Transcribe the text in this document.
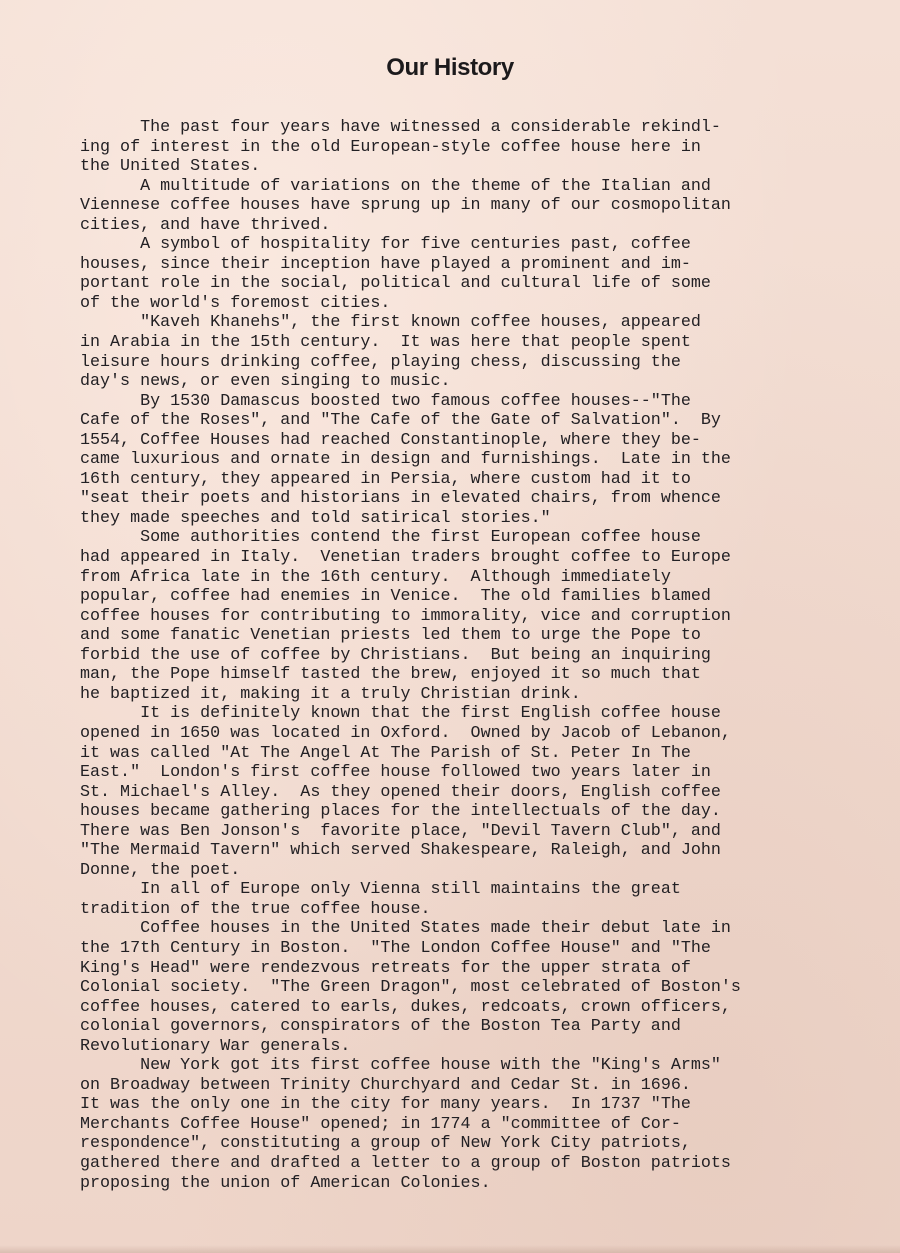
Our History
The past four years have witnessed a considerable rekindl-
ing of interest in the old European-style coffee house here in
the United States.
A multitude of variations on the theme of the Italian and
Viennese coffee houses have sprung up in many of our cosmopolitan
cities, and have thrived.
A symbol of hospitality for five centuries past, coffee
houses, since their inception have played a prominent and im-
portant role in the social, political and cultural life of some
of the world's foremost cities.
"Kaveh Khanehs", the first known coffee houses, appeared
in Arabia in the 15th century.  It was here that people spent
leisure hours drinking coffee, playing chess, discussing the
day's news, or even singing to music.
By 1530 Damascus boosted two famous coffee houses--"The
Cafe of the Roses", and "The Cafe of the Gate of Salvation".  By
1554, Coffee Houses had reached Constantinople, where they be-
came luxurious and ornate in design and furnishings.  Late in the
16th century, they appeared in Persia, where custom had it to
"seat their poets and historians in elevated chairs, from whence
they made speeches and told satirical stories."
Some authorities contend the first European coffee house
had appeared in Italy.  Venetian traders brought coffee to Europe
from Africa late in the 16th century.  Although immediately
popular, coffee had enemies in Venice.  The old families blamed
coffee houses for contributing to immorality, vice and corruption
and some fanatic Venetian priests led them to urge the Pope to
forbid the use of coffee by Christians.  But being an inquiring
man, the Pope himself tasted the brew, enjoyed it so much that
he baptized it, making it a truly Christian drink.
It is definitely known that the first English coffee house
opened in 1650 was located in Oxford.  Owned by Jacob of Lebanon,
it was called "At The Angel At The Parish of St. Peter In The
East."  London's first coffee house followed two years later in
St. Michael's Alley.  As they opened their doors, English coffee
houses became gathering places for the intellectuals of the day.
There was Ben Jonson's  favorite place, "Devil Tavern Club", and
"The Mermaid Tavern" which served Shakespeare, Raleigh, and John
Donne, the poet.
In all of Europe only Vienna still maintains the great
tradition of the true coffee house.
Coffee houses in the United States made their debut late in
the 17th Century in Boston.  "The London Coffee House" and "The
King's Head" were rendezvous retreats for the upper strata of
Colonial society.  "The Green Dragon", most celebrated of Boston's
coffee houses, catered to earls, dukes, redcoats, crown officers,
colonial governors, conspirators of the Boston Tea Party and
Revolutionary War generals.
New York got its first coffee house with the "King's Arms"
on Broadway between Trinity Churchyard and Cedar St. in 1696.
It was the only one in the city for many years.  In 1737 "The
Merchants Coffee House" opened; in 1774 a "committee of Cor-
respondence", constituting a group of New York City patriots,
gathered there and drafted a letter to a group of Boston patriots
proposing the union of American Colonies.
